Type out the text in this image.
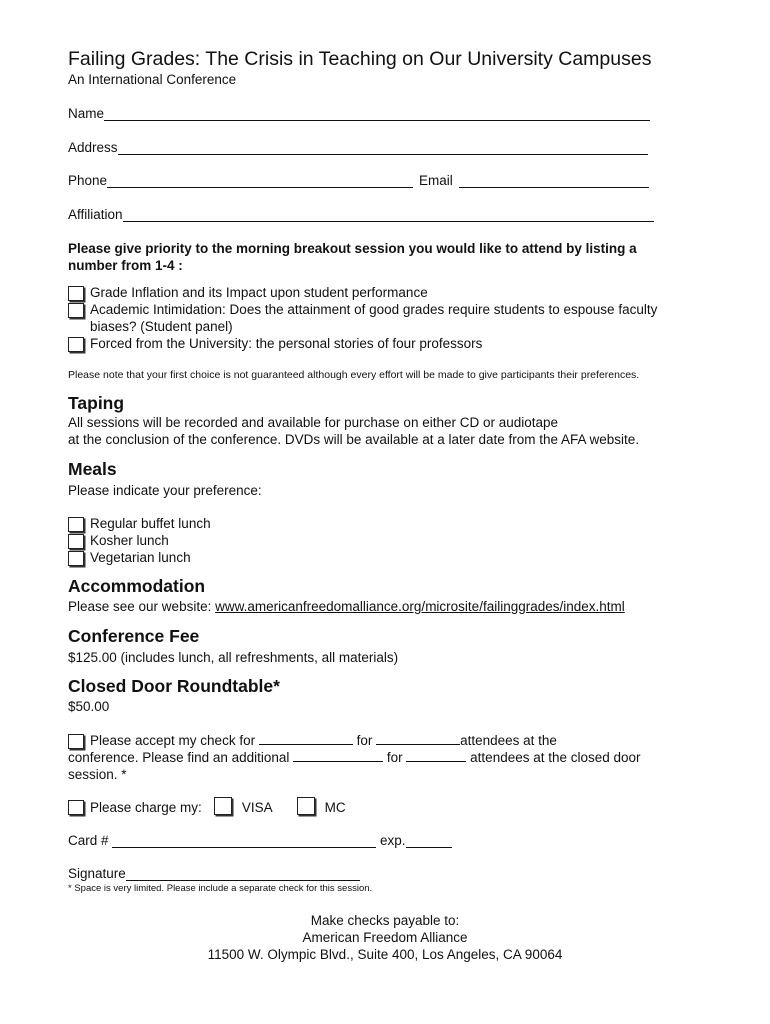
Failing Grades: The Crisis in Teaching on Our University Campuses
An International Conference
Name
Address
Phone	Email
Affiliation
Please give priority to the morning breakout session you would like to attend by listing a number from 1-4 :
Grade Inflation and its Impact upon student performance
Academic Intimidation: Does the attainment of good grades require students to espouse faculty biases? (Student panel)
Forced from the University: the personal stories of four professors
Please note that your first choice is not guaranteed although every effort will be made to give participants their preferences.
Taping
All sessions will be recorded and available for purchase on either CD or audiotape
at the conclusion of the conference. DVDs will be available at a later date from the AFA website.
Meals
Please indicate your preference:
Regular buffet lunch
Kosher lunch
Vegetarian lunch
Accommodation
Please see our website: www.americanfreedomalliance.org/microsite/failinggrades/index.html
Conference Fee
$125.00 (includes lunch, all refreshments, all materials)
Closed Door Roundtable*
$50.00
Please accept my check for	for	attendees at the
conference. Please find an additional	for	attendees at the closed door
session. *
Please charge my:	VISA	MC
Card #	exp.
Signature
* Space is very limited. Please include a separate check for this session.
Make checks payable to:
American Freedom Alliance
11500 W. Olympic Blvd., Suite 400, Los Angeles, CA 90064
